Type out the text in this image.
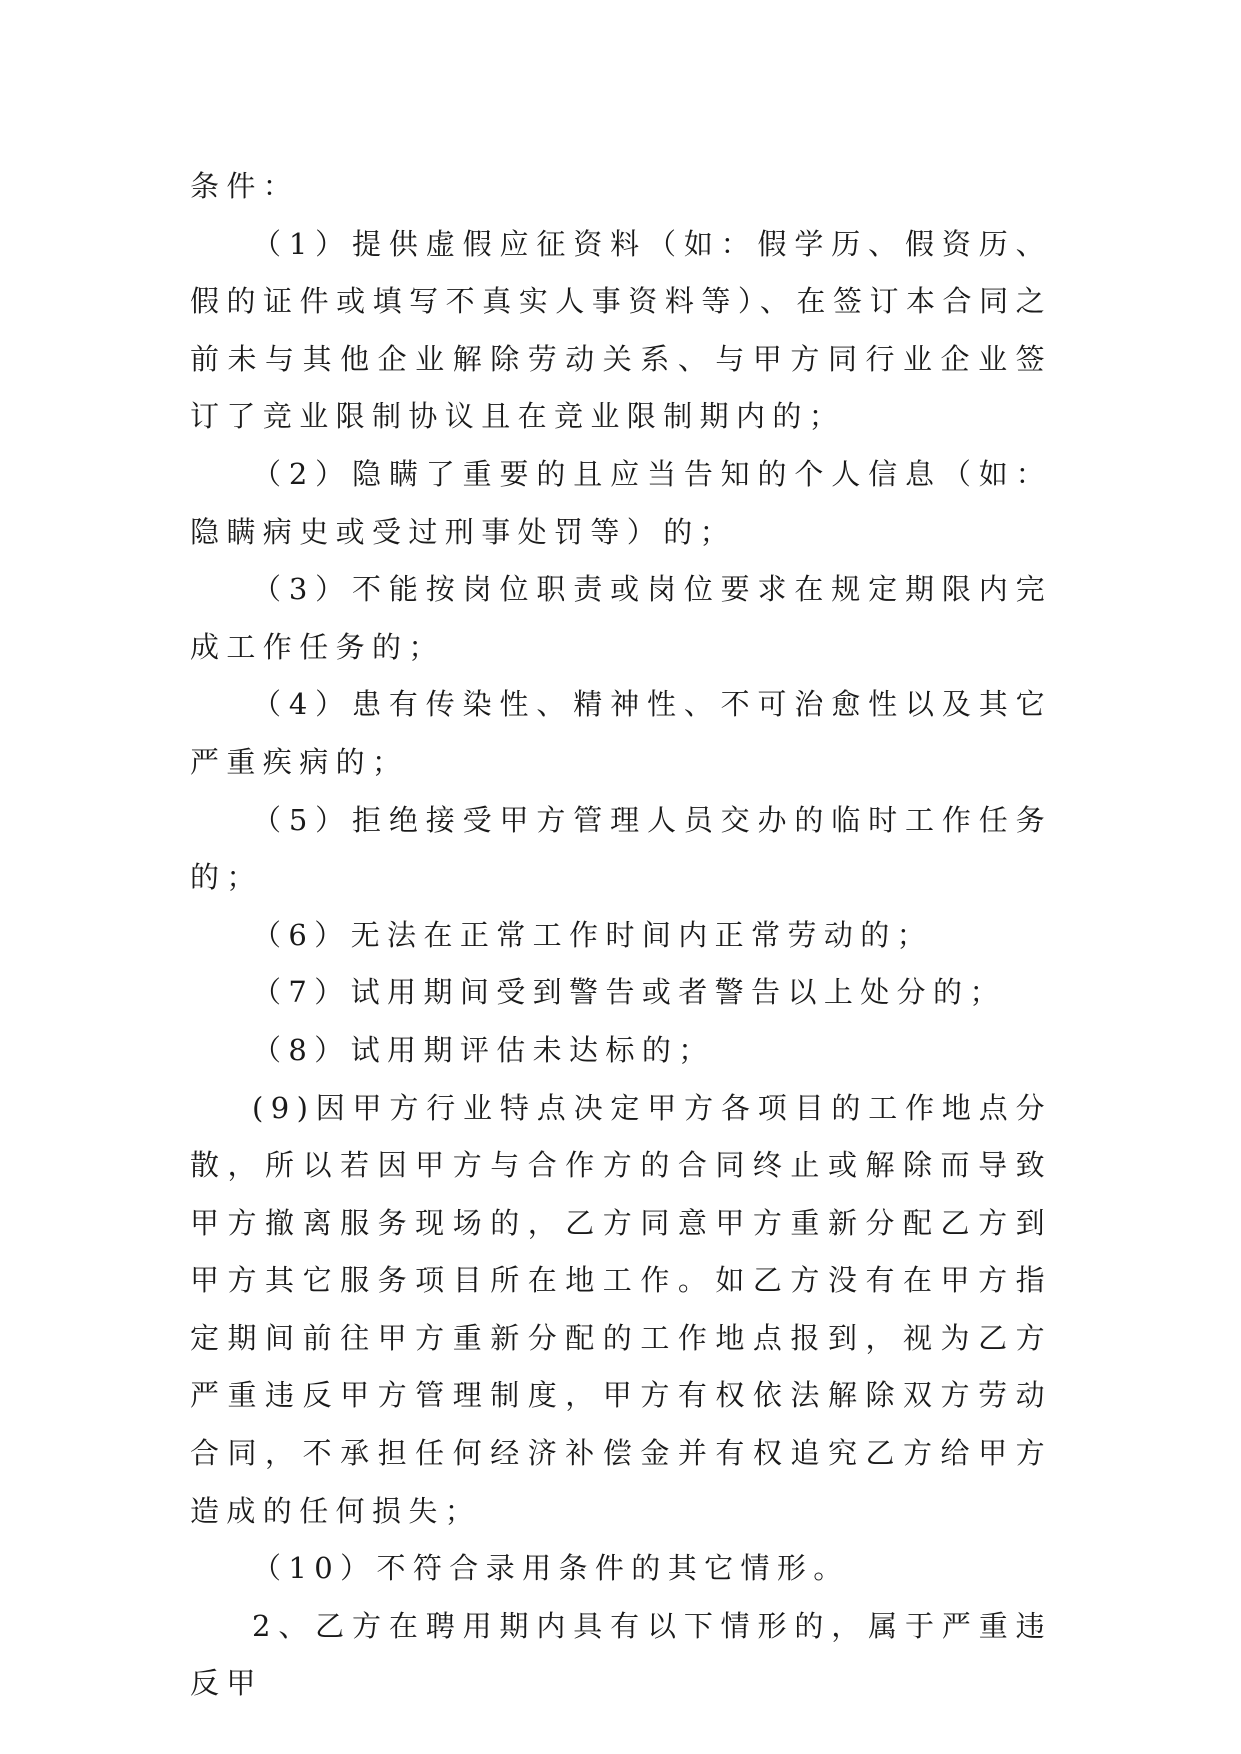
条件：

（1）提供虚假应征资料（如：假学历、假资历、假的证件或填写不真实人事资料等）、在签订本合同之前未与其他企业解除劳动关系、与甲方同行业企业签订了竞业限制协议且在竞业限制期内的；

（2）隐瞒了重要的且应当告知的个人信息（如：隐瞒病史或受过刑事处罚等）的；

（3）不能按岗位职责或岗位要求在规定期限内完成工作任务的；

（4）患有传染性、精神性、不可治愈性以及其它严重疾病的；

（5）拒绝接受甲方管理人员交办的临时工作任务的；

（6）无法在正常工作时间内正常劳动的；

（7）试用期间受到警告或者警告以上处分的；

（8）试用期评估未达标的；

(9)因甲方行业特点决定甲方各项目的工作地点分散，所以若因甲方与合作方的合同终止或解除而导致甲方撤离服务现场的，乙方同意甲方重新分配乙方到甲方其它服务项目所在地工作。如乙方没有在甲方指定期间前往甲方重新分配的工作地点报到，视为乙方严重违反甲方管理制度，甲方有权依法解除双方劳动合同，不承担任何经济补偿金并有权追究乙方给甲方造成的任何损失；

（10）不符合录用条件的其它情形。

2、乙方在聘用期内具有以下情形的，属于严重违反甲
